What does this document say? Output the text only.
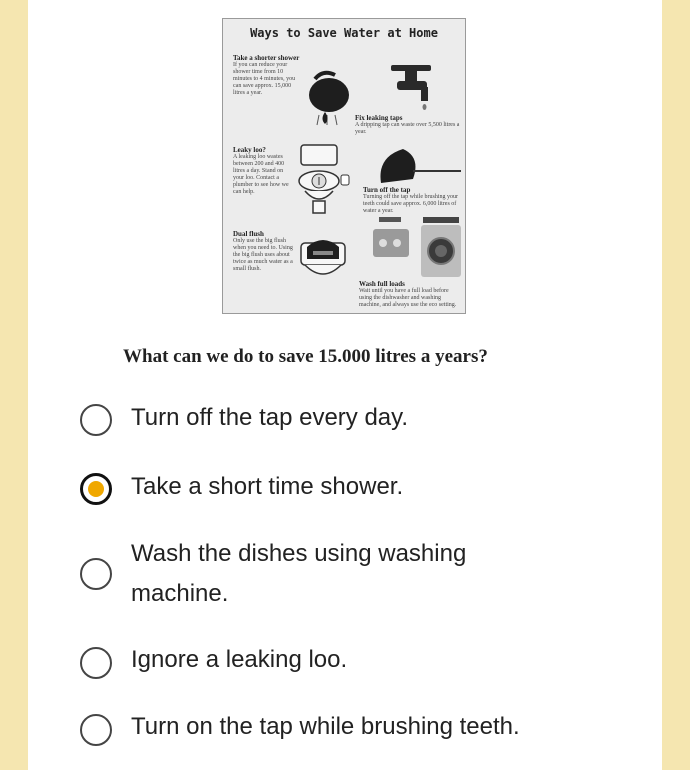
Ways to Save Water at Home
Take a shorter shower
If you can reduce your shower time from 10 minutes to 4 minutes, you can save approx. 15,000 litres a year.
Fix leaking taps
A dripping tap can waste over 5,500 litres a year.
Leaky loo?
A leaking loo wastes between 200 and 400 litres a day. Stand on your loo. Contact a plumber to see how we can help.	Turn off the tap
Turning off the tap while brushing your teeth could save approx. 6,000 litres of water a year.
Dual flush
Only use the big flush when you need to. Using the big flush uses about twice as much water as a small flush.
Wash full loads
Wait until you have a full load before using the dishwasher and washing machine, and always use the eco setting.
What can we do to save 15.000 litres a years?
Turn off the tap every day.
Take a short time shower.
Wash the dishes using washing machine.
Ignore a leaking loo.
Turn on the tap while brushing teeth.
